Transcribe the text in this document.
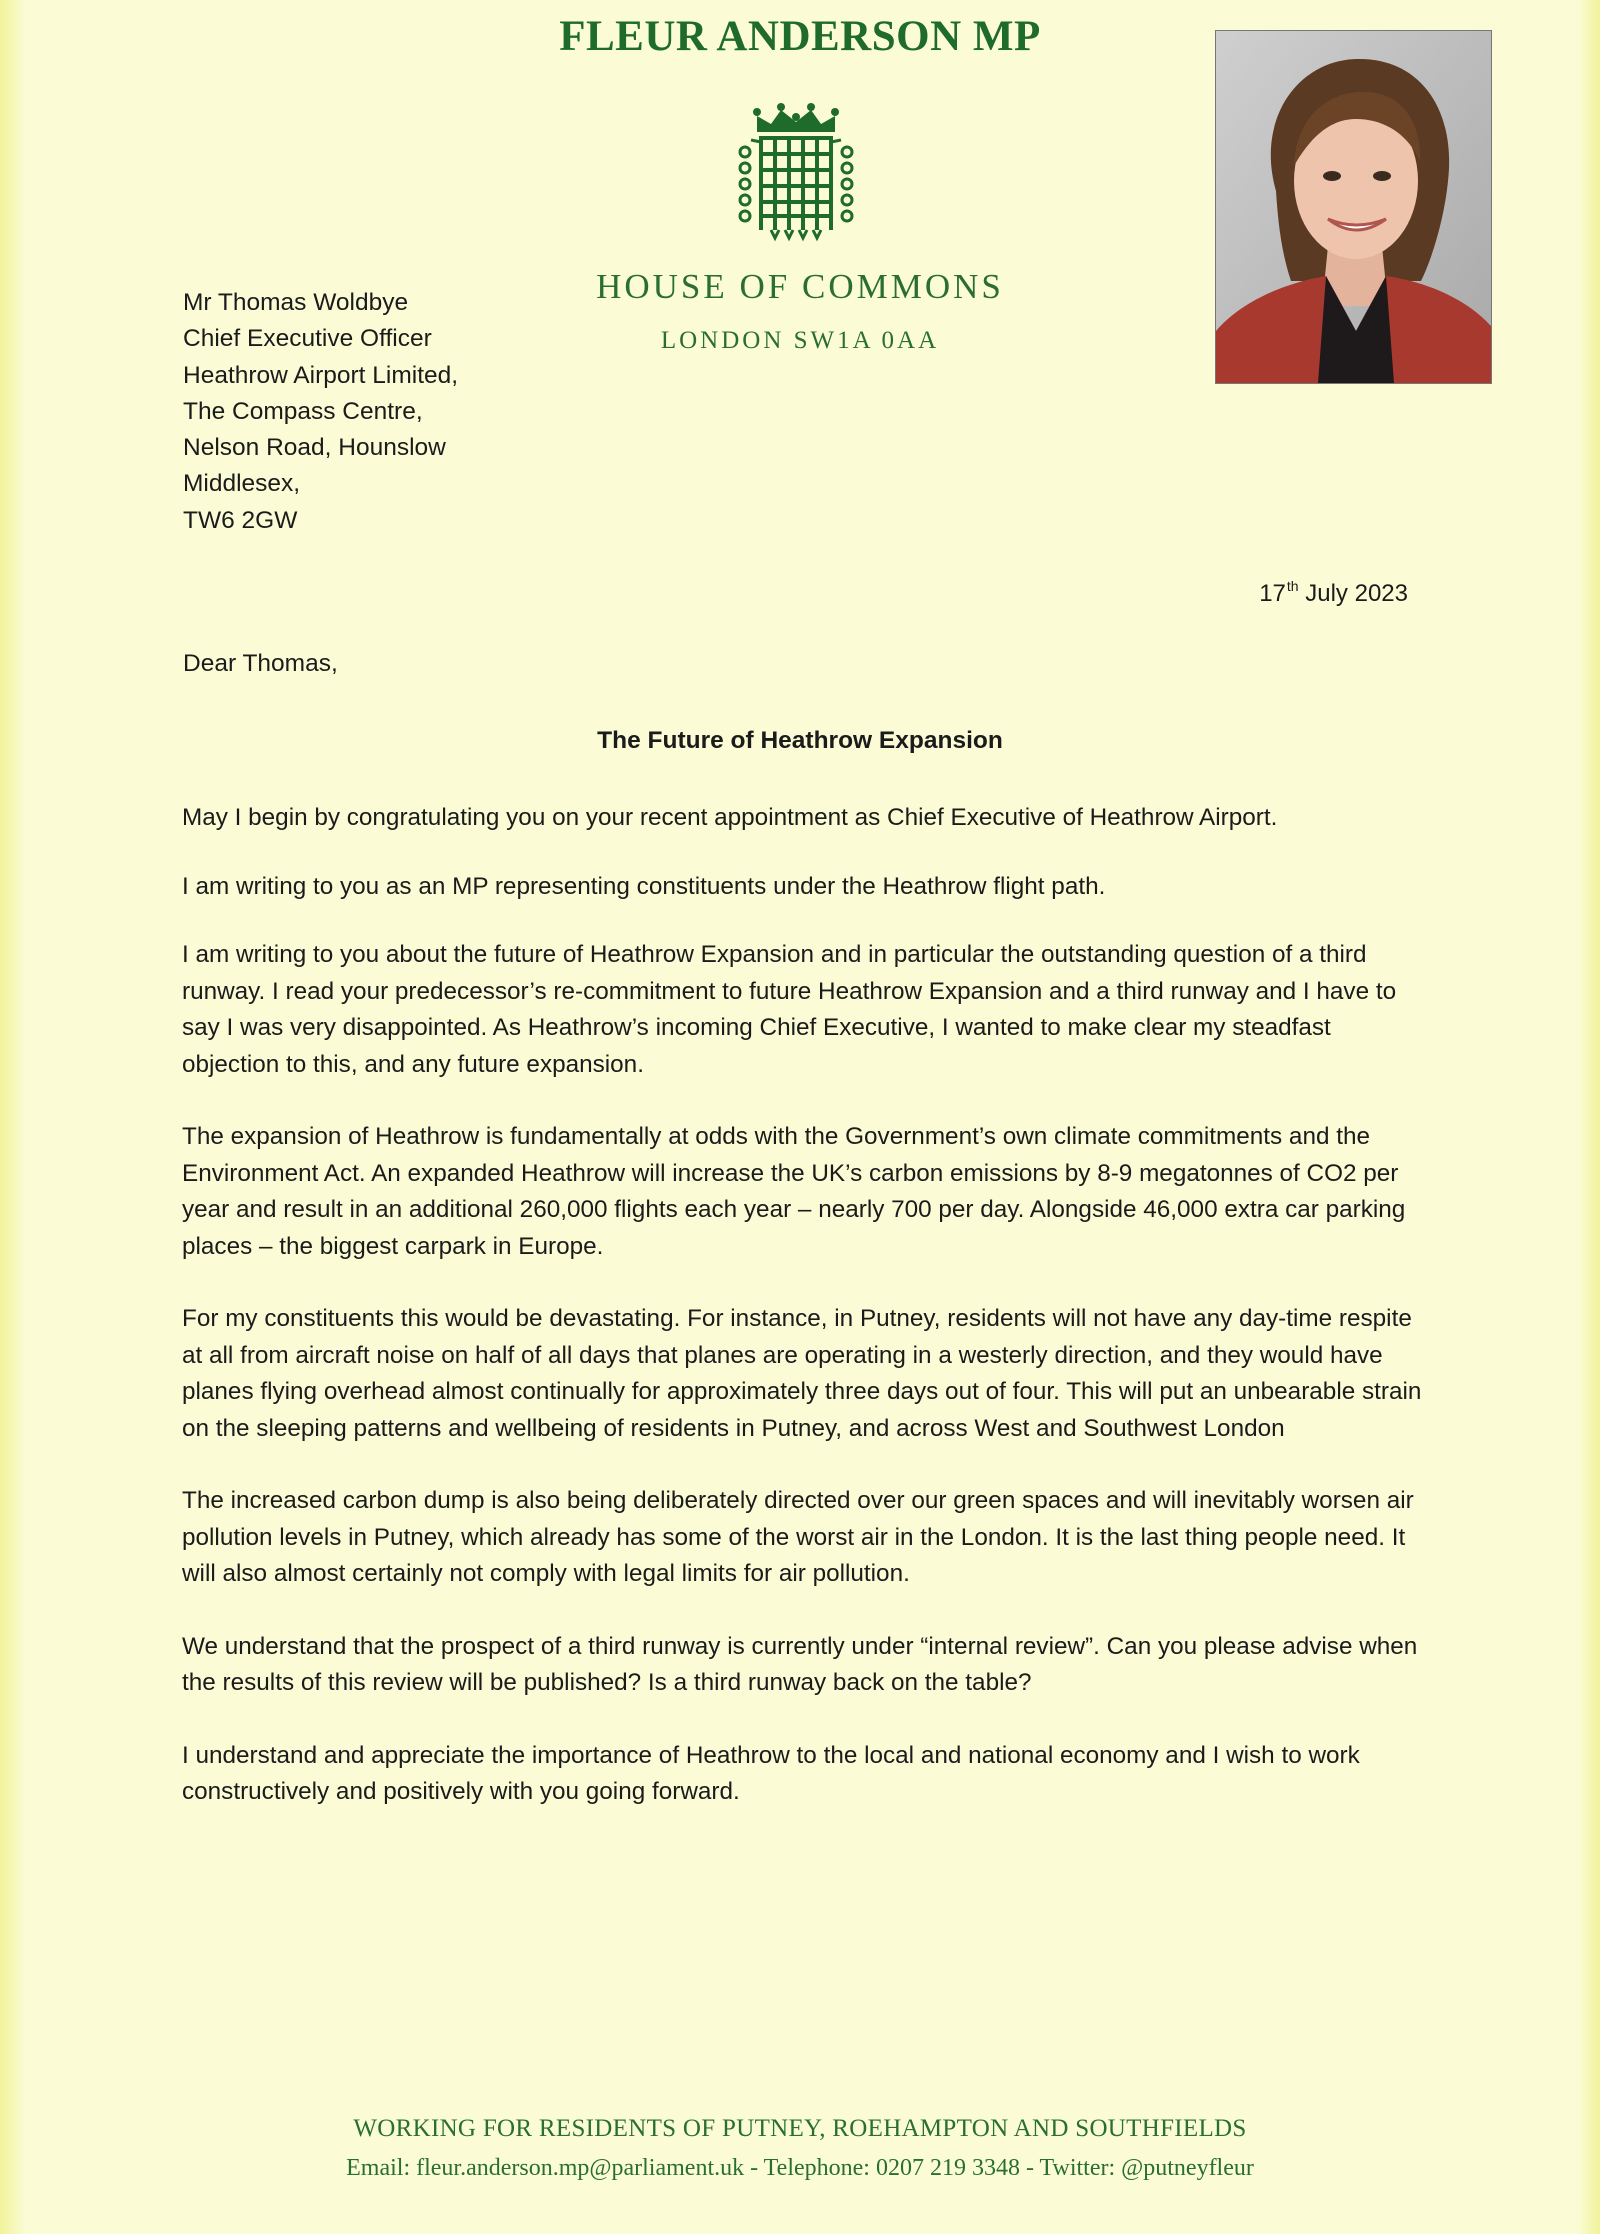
FLEUR ANDERSON MP
HOUSE OF COMMONS
LONDON SW1A 0AA
Mr Thomas Woldbye
Chief Executive Officer
Heathrow Airport Limited,
The Compass Centre,
Nelson Road, Hounslow
Middlesex,
TW6 2GW
17th July 2023
Dear Thomas,
The Future of Heathrow Expansion

May I begin by congratulating you on your recent appointment as Chief Executive of Heathrow Airport.

I am writing to you as an MP representing constituents under the Heathrow flight path.

I am writing to you about the future of Heathrow Expansion and in particular the outstanding question of a third runway. I read your predecessor’s re-commitment to future Heathrow Expansion and a third runway and I have to say I was very disappointed. As Heathrow’s incoming Chief Executive, I wanted to make clear my steadfast objection to this, and any future expansion.

The expansion of Heathrow is fundamentally at odds with the Government’s own climate commitments and the Environment Act. An expanded Heathrow will increase the UK’s carbon emissions by 8-9 megatonnes of CO2 per year and result in an additional 260,000 flights each year – nearly 700 per day. Alongside 46,000 extra car parking places – the biggest carpark in Europe.

For my constituents this would be devastating. For instance, in Putney, residents will not have any day-time respite at all from aircraft noise on half of all days that planes are operating in a westerly direction, and they would have planes flying overhead almost continually for approximately three days out of four. This will put an unbearable strain on the sleeping patterns and wellbeing of residents in Putney, and across West and Southwest London

The increased carbon dump is also being deliberately directed over our green spaces and will inevitably worsen air pollution levels in Putney, which already has some of the worst air in the London. It is the last thing people need. It will also almost certainly not comply with legal limits for air pollution.

We understand that the prospect of a third runway is currently under “internal review”. Can you please advise when the results of this review will be published? Is a third runway back on the table?

I understand and appreciate the importance of Heathrow to the local and national economy and I wish to work constructively and positively with you going forward.

WORKING FOR RESIDENTS OF PUTNEY, ROEHAMPTON AND SOUTHFIELDS
Email: fleur.anderson.mp@parliament.uk - Telephone: 0207 219 3348 - Twitter: @putneyfleur
